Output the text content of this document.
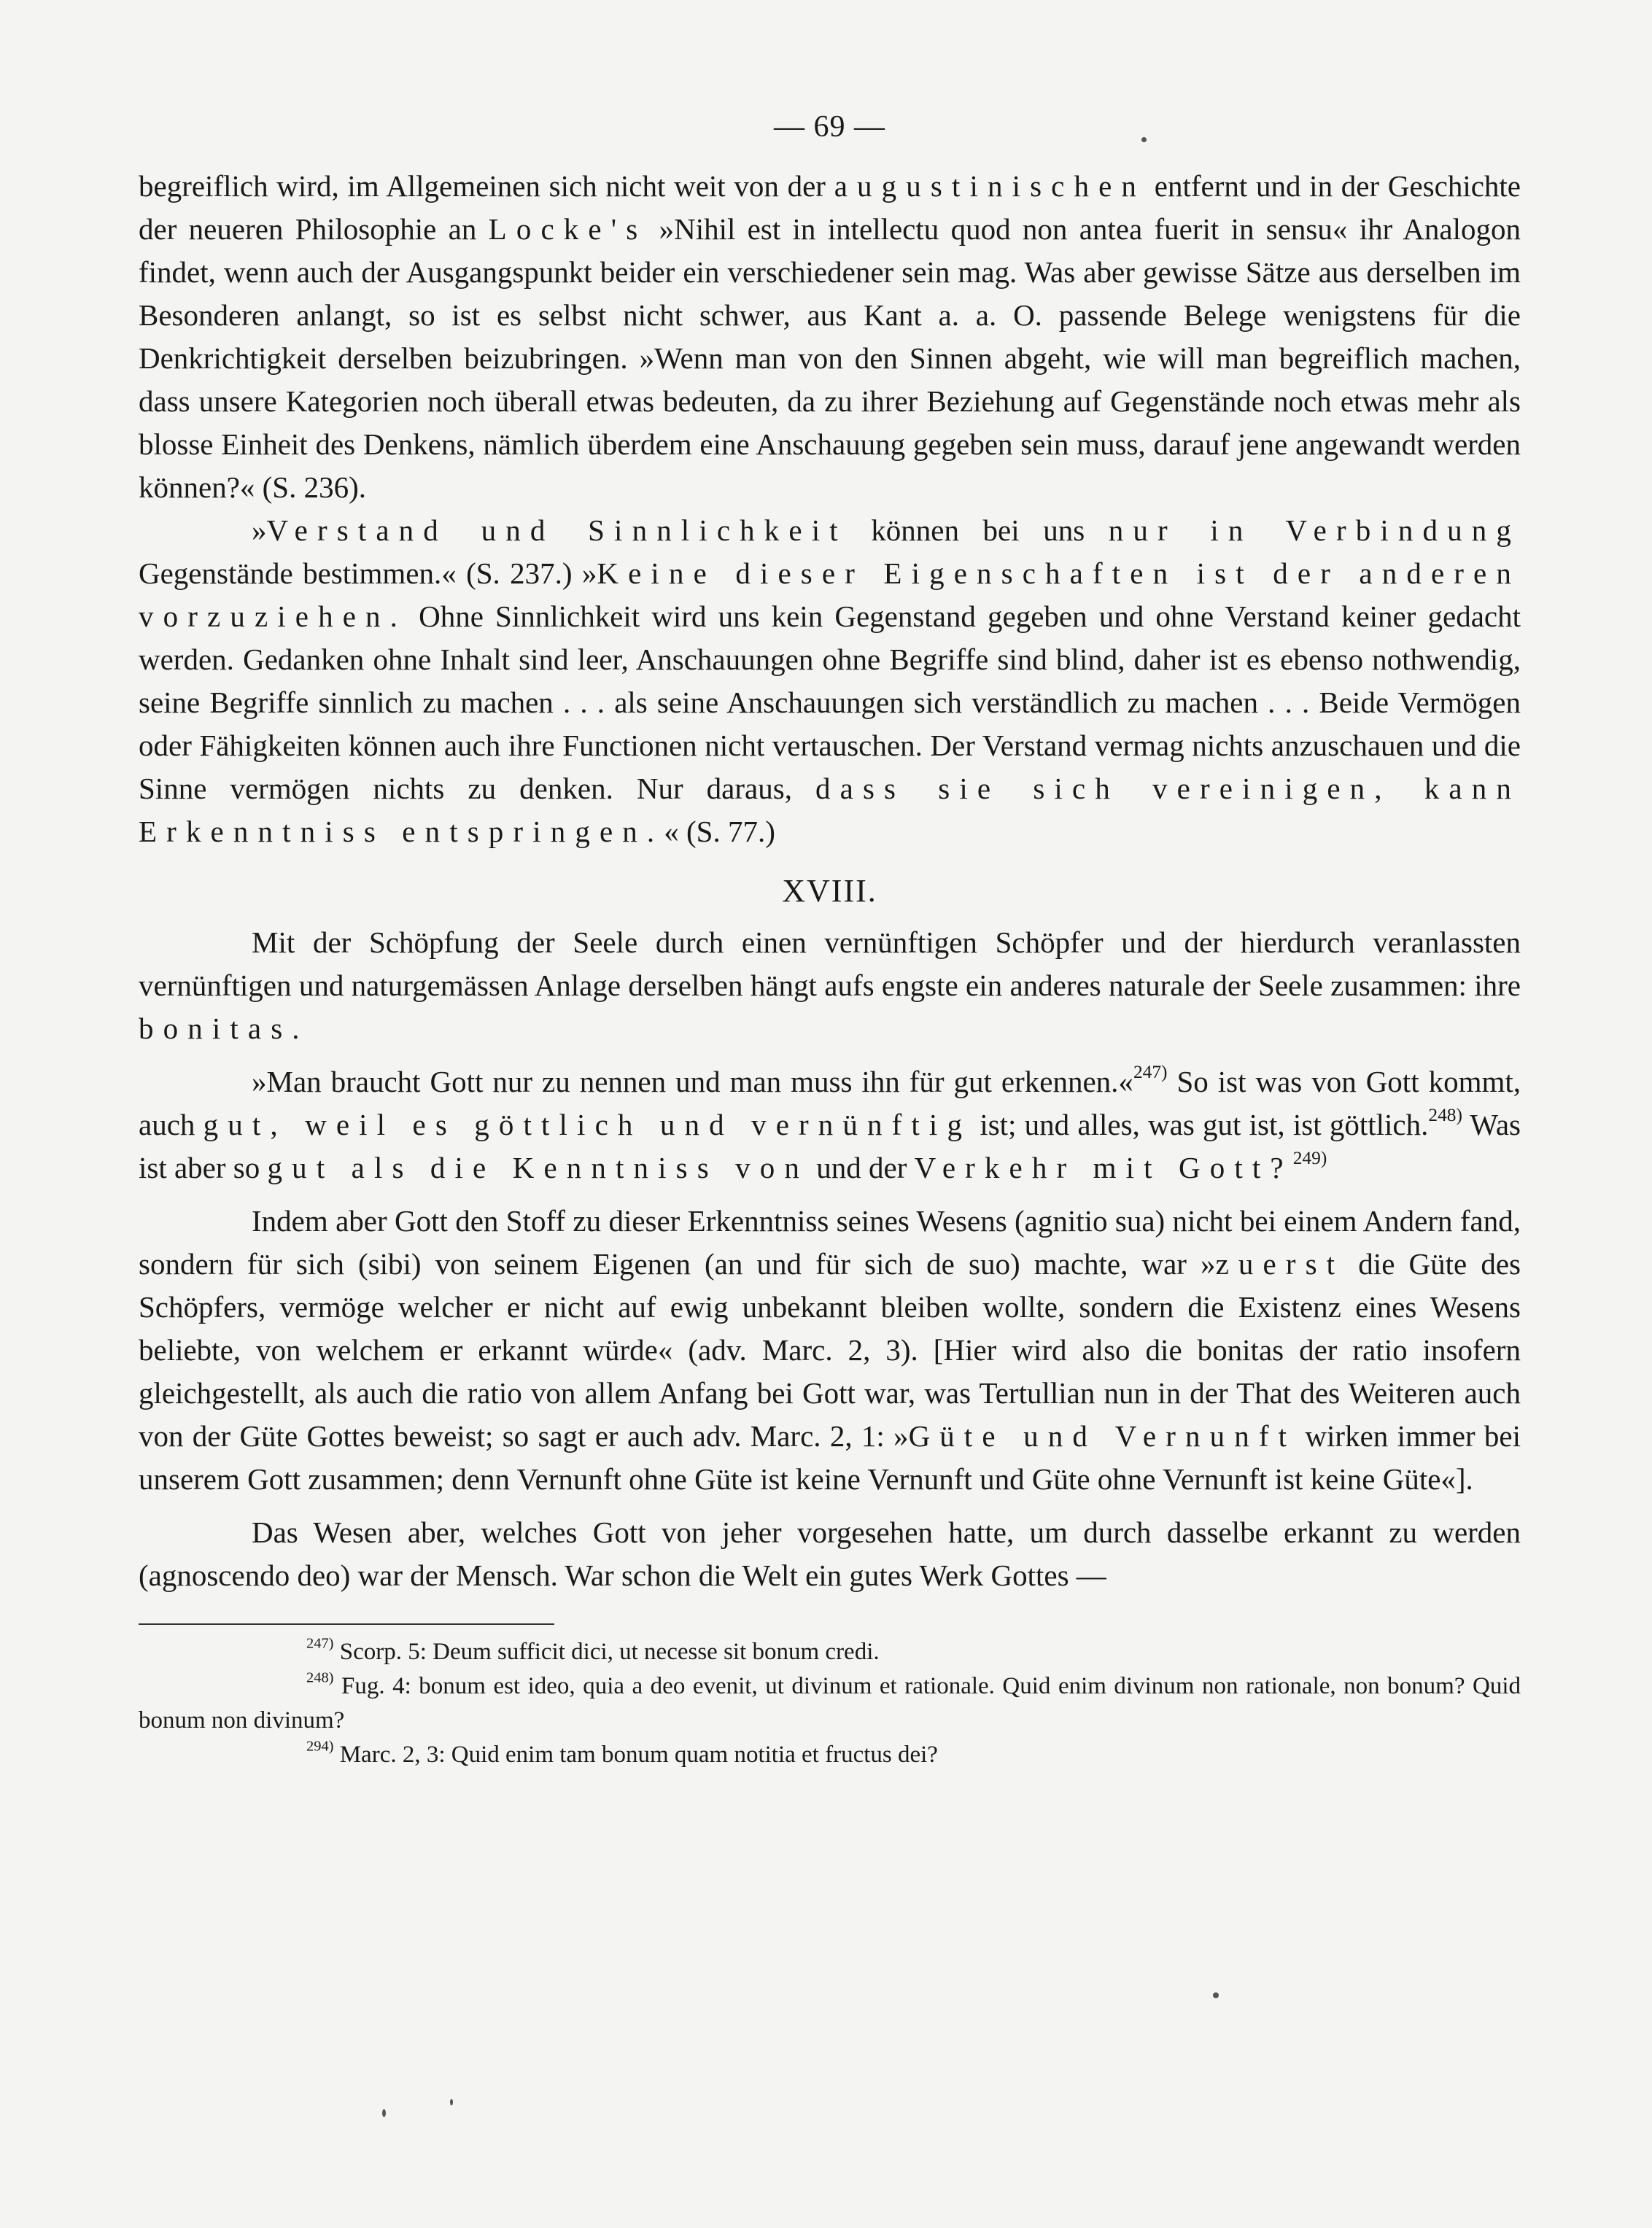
— 69 —

begreiflich wird, im Allgemeinen sich nicht weit von der augustinischen entfernt und in der Geschichte der neueren Philosophie an Locke's »Nihil est in intellectu quod non antea fuerit in sensu« ihr Analogon findet, wenn auch der Ausgangspunkt beider ein verschiedener sein mag. Was aber gewisse Sätze aus derselben im Besonderen anlangt, so ist es selbst nicht schwer, aus Kant a. a. O. passende Belege wenigstens für die Denkrichtigkeit derselben beizubringen. »Wenn man von den Sinnen abgeht, wie will man begreiflich machen, dass unsere Kategorien noch überall etwas bedeuten, da zu ihrer Beziehung auf Gegenstände noch etwas mehr als blosse Einheit des Denkens, nämlich überdem eine Anschauung gegeben sein muss, darauf jene angewandt werden können?« (S. 236).

»Verstand und Sinnlichkeit können bei uns nur in Verbindung Gegenstände bestimmen.« (S. 237.) »Keine dieser Eigenschaften ist der anderen vorzuziehen. Ohne Sinnlichkeit wird uns kein Gegenstand gegeben und ohne Verstand keiner gedacht werden. Gedanken ohne Inhalt sind leer, Anschauungen ohne Begriffe sind blind, daher ist es ebenso nothwendig, seine Begriffe sinnlich zu machen . . . als seine Anschauungen sich verständlich zu machen . . . Beide Vermögen oder Fähigkeiten können auch ihre Functionen nicht vertauschen. Der Verstand vermag nichts anzuschauen und die Sinne vermögen nichts zu denken. Nur daraus, dass sie sich vereinigen, kann Erkenntniss entspringen.« (S. 77.)

XVIII.

Mit der Schöpfung der Seele durch einen vernünftigen Schöpfer und der hierdurch veranlassten vernünftigen und naturgemässen Anlage derselben hängt aufs engste ein anderes naturale der Seele zusammen: ihre bonitas.

»Man braucht Gott nur zu nennen und man muss ihn für gut erkennen.«$^{247)}$ So ist was von Gott kommt, auch gut, weil es göttlich und vernünftig ist; und alles, was gut ist, ist göttlich.$^{248)}$ Was ist aber so gut als die Kenntniss von und der Verkehr mit Gott?$^{249)}$

Indem aber Gott den Stoff zu dieser Erkenntniss seines Wesens (agnitio sua) nicht bei einem Andern fand, sondern für sich (sibi) von seinem Eigenen (an und für sich de suo) machte, war »zuerst die Güte des Schöpfers, vermöge welcher er nicht auf ewig unbekannt bleiben wollte, sondern die Existenz eines Wesens beliebte, von welchem er erkannt würde« (adv. Marc. 2, 3). [Hier wird also die bonitas der ratio insofern gleichgestellt, als auch die ratio von allem Anfang bei Gott war, was Tertullian nun in der That des Weiteren auch von der Güte Gottes beweist; so sagt er auch adv. Marc. 2, 1: »Güte und Vernunft wirken immer bei unserem Gott zusammen; denn Vernunft ohne Güte ist keine Vernunft und Güte ohne Vernunft ist keine Güte«].

Das Wesen aber, welches Gott von jeher vorgesehen hatte, um durch dasselbe erkannt zu werden (agnoscendo deo) war der Mensch. War schon die Welt ein gutes Werk Gottes —

$^{247)}$ Scorp. 5: Deum sufficit dici, ut necesse sit bonum credi.

$^{248)}$ Fug. 4: bonum est ideo, quia a deo evenit, ut divinum et rationale. Quid enim divinum non rationale, non bonum? Quid bonum non divinum?

$^{294)}$ Marc. 2, 3: Quid enim tam bonum quam notitia et fructus dei?
